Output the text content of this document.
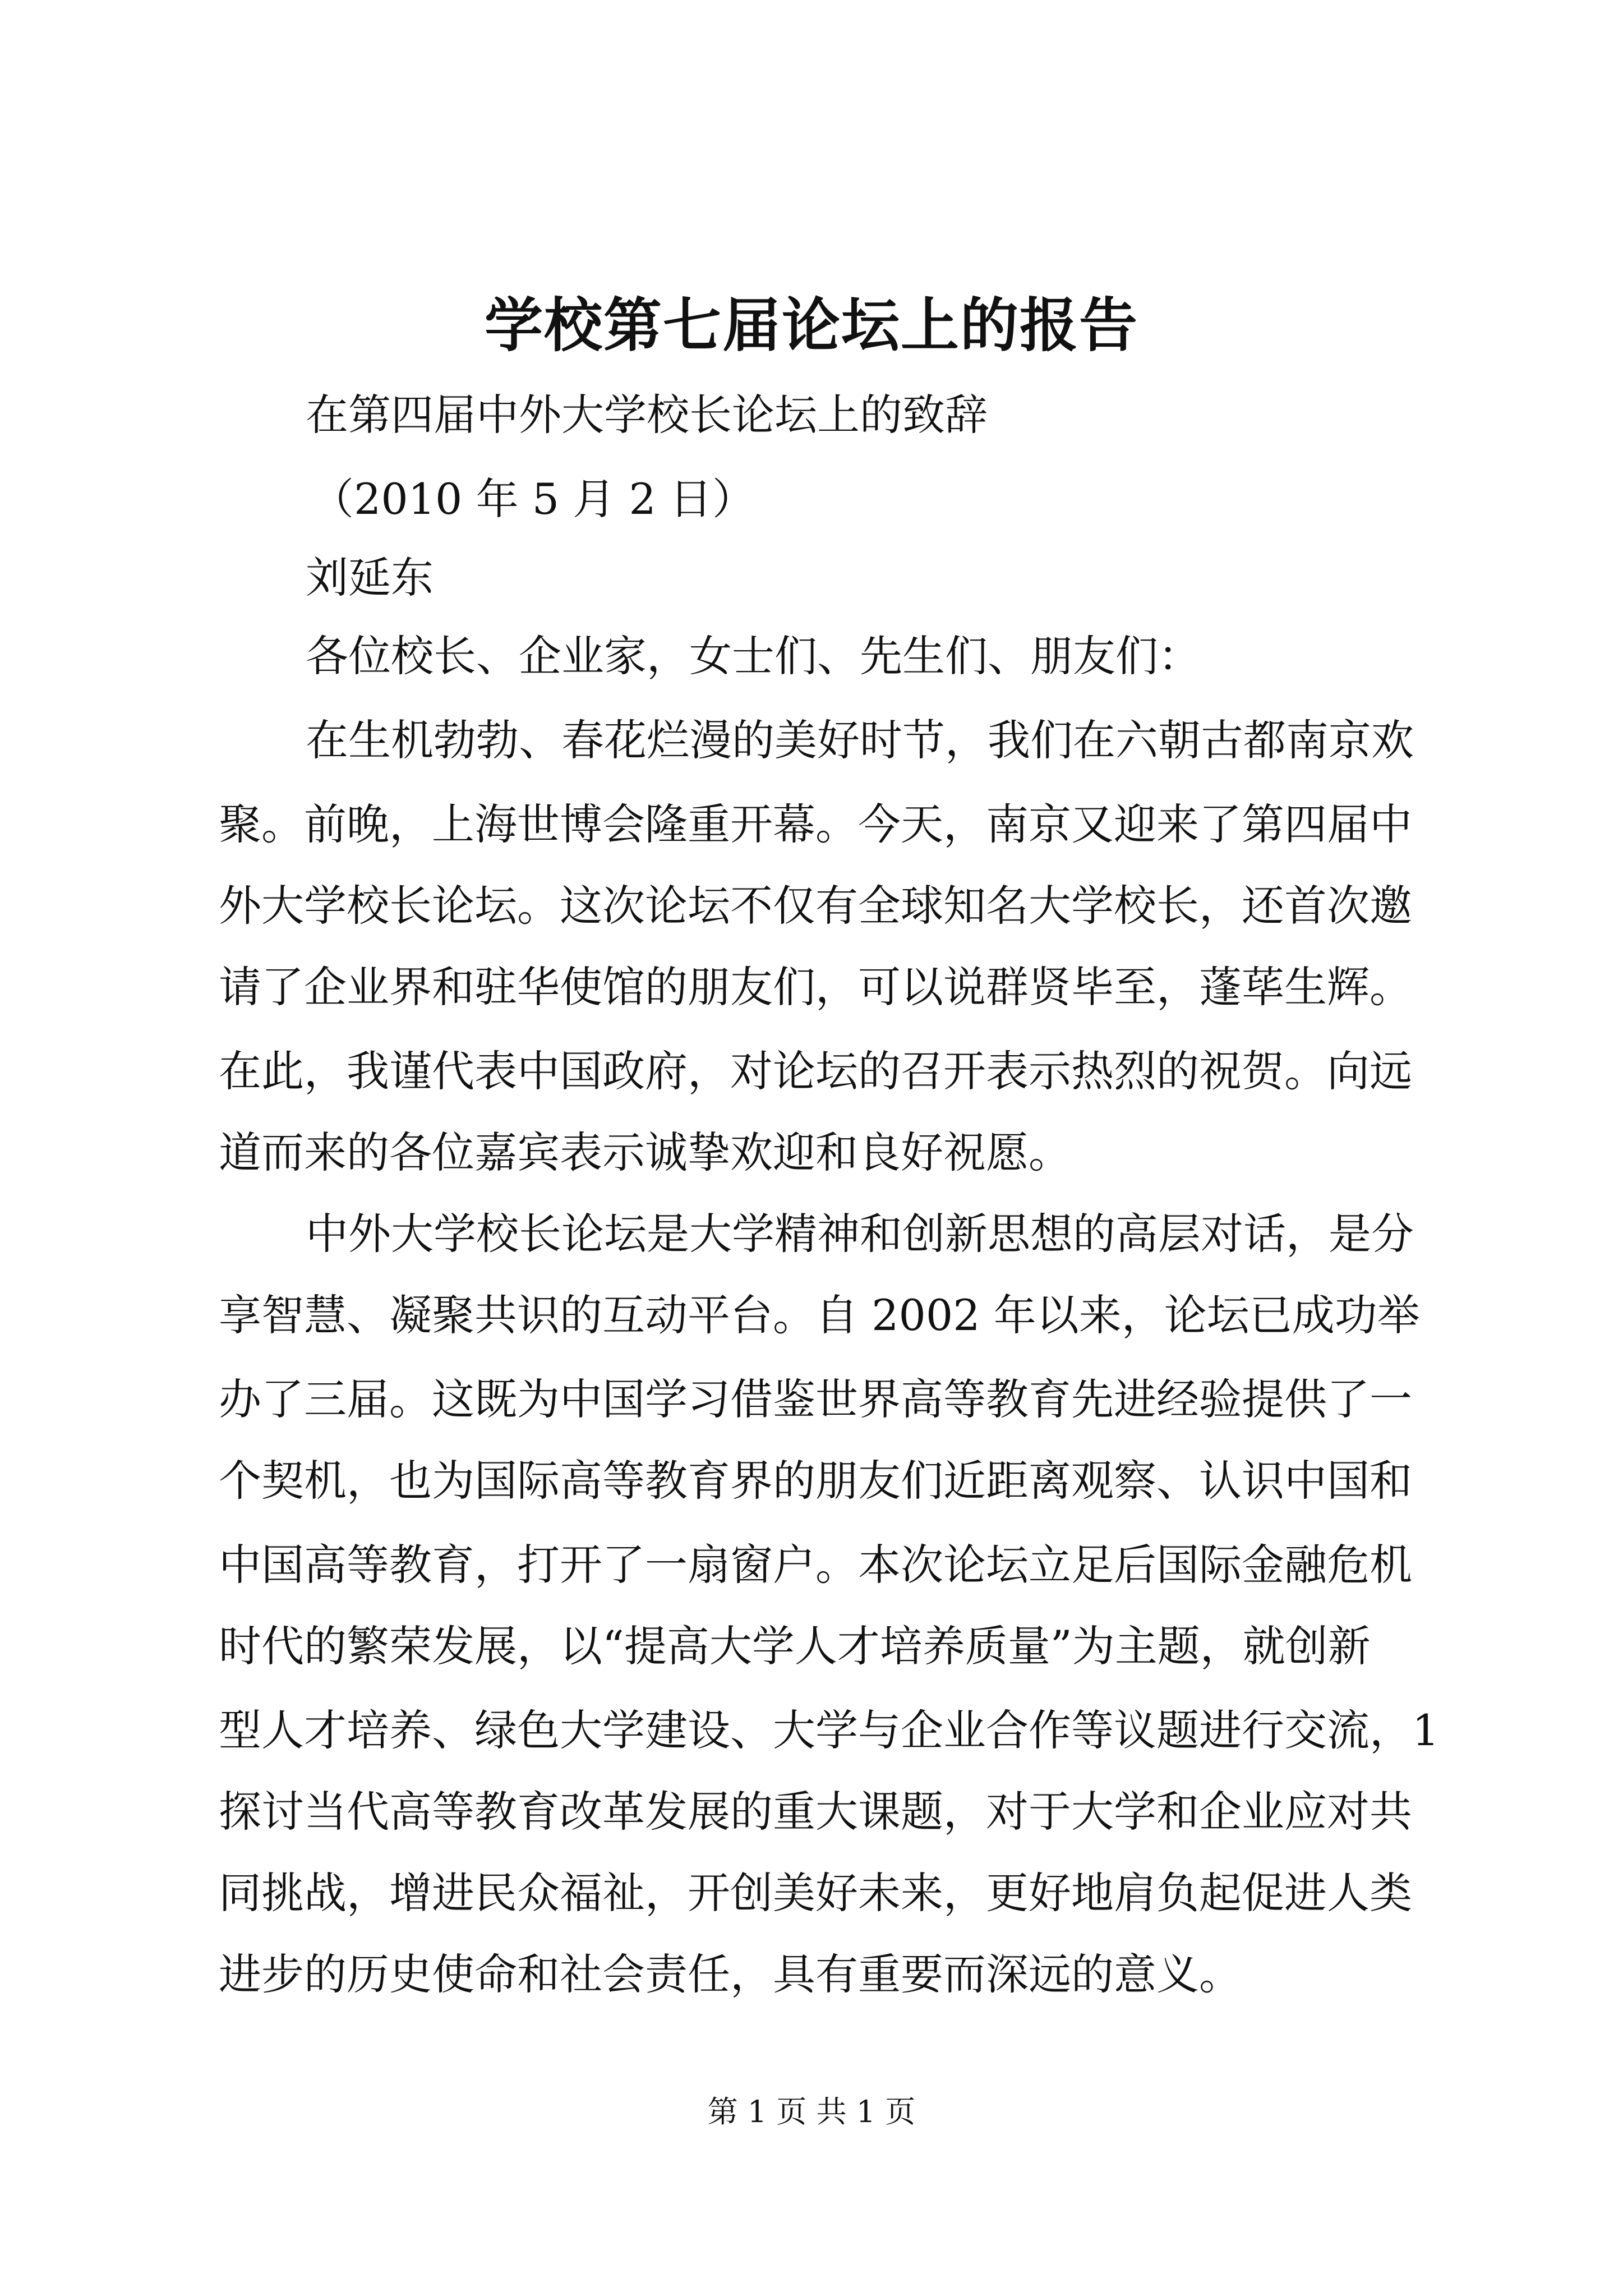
学校第七届论坛上的报告
在第四届中外大学校长论坛上的致辞
（2010 年 5 月 2 日）
刘延东
各位校长、企业家，女士们、先生们、朋友们：
在生机勃勃、春花烂漫的美好时节，我们在六朝古都南京欢
聚。前晚，上海世博会隆重开幕。今天，南京又迎来了第四届中
外大学校长论坛。这次论坛不仅有全球知名大学校长，还首次邀
请了企业界和驻华使馆的朋友们，可以说群贤毕至，蓬荜生辉。
在此，我谨代表中国政府，对论坛的召开表示热烈的祝贺。向远
道而来的各位嘉宾表示诚挚欢迎和良好祝愿。
中外大学校长论坛是大学精神和创新思想的高层对话，是分
享智慧、凝聚共识的互动平台。自 2002 年以来，论坛已成功举
办了三届。这既为中国学习借鉴世界高等教育先进经验提供了一
个契机，也为国际高等教育界的朋友们近距离观察、认识中国和
中国高等教育，打开了一扇窗户。本次论坛立足后国际金融危机
时代的繁荣发展，以“提高大学人才培养质量”为主题，就创新
型人才培养、绿色大学建设、大学与企业合作等议题进行交流，1
探讨当代高等教育改革发展的重大课题，对于大学和企业应对共
同挑战，增进民众福祉，开创美好未来，更好地肩负起促进人类
进步的历史使命和社会责任，具有重要而深远的意义。
第 1 页 共 1 页
